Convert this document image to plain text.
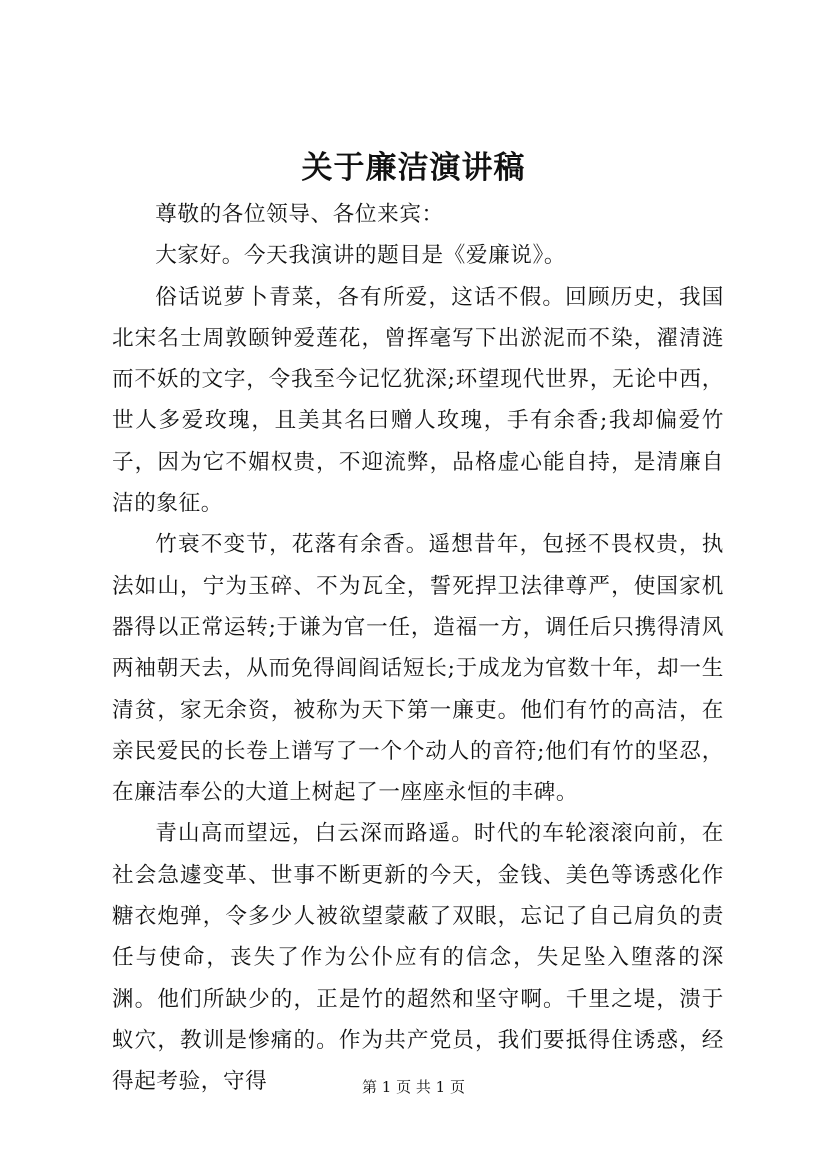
关于廉洁演讲稿

尊敬的各位领导、各位来宾：

大家好。今天我演讲的题目是《爱廉说》。

俗话说萝卜青菜，各有所爱，这话不假。回顾历史，我国北宋名士周敦颐钟爱莲花，曾挥毫写下出淤泥而不染，濯清涟而不妖的文字，令我至今记忆犹深;环望现代世界，无论中西，世人多爱玫瑰，且美其名曰赠人玫瑰，手有余香;我却偏爱竹子，因为它不媚权贵，不迎流弊，品格虚心能自持，是清廉自洁的象征。

竹衰不变节，花落有余香。遥想昔年，包拯不畏权贵，执法如山，宁为玉碎、不为瓦全，誓死捍卫法律尊严，使国家机器得以正常运转;于谦为官一任，造福一方，调任后只携得清风两袖朝天去，从而免得闾阎话短长;于成龙为官数十年，却一生清贫，家无余资，被称为天下第一廉吏。他们有竹的高洁，在亲民爱民的长卷上谱写了一个个动人的音符;他们有竹的坚忍，在廉洁奉公的大道上树起了一座座永恒的丰碑。

青山高而望远，白云深而路遥。时代的车轮滚滚向前，在社会急遽变革、世事不断更新的今天，金钱、美色等诱惑化作糖衣炮弹，令多少人被欲望蒙蔽了双眼，忘记了自己肩负的责任与使命，丧失了作为公仆应有的信念，失足坠入堕落的深渊。他们所缺少的，正是竹的超然和坚守啊。千里之堤，溃于蚁穴，教训是惨痛的。作为共产党员，我们要抵得住诱惑，经得起考验，守得	第 1 页 共 1 页
